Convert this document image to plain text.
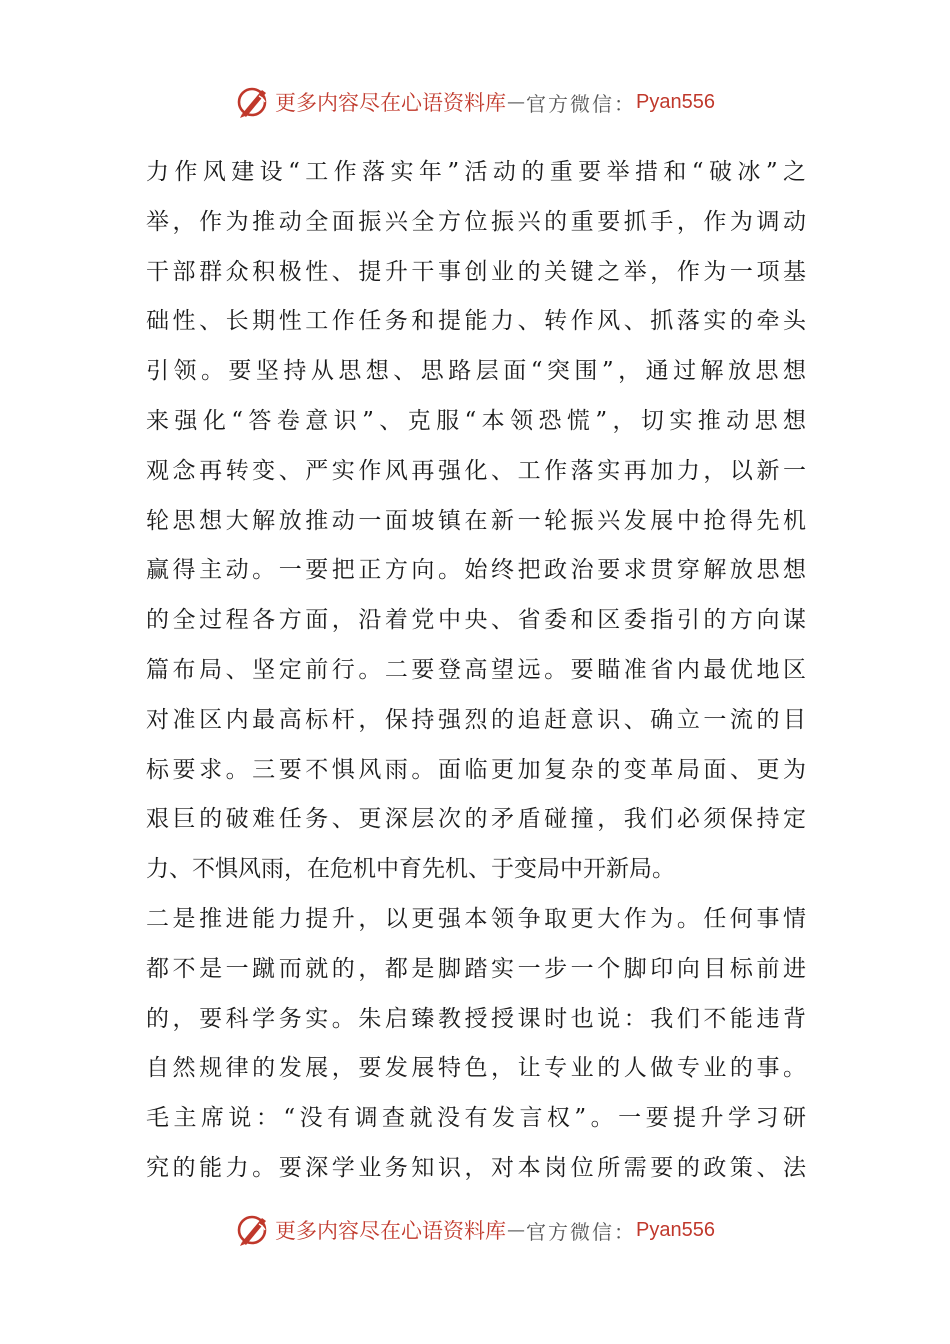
更多内容尽在心语资料库 — 官方微信： Pyan556
力作风建设“工作落实年”活动的重要举措和“破冰”之
举，作为推动全面振兴全方位振兴的重要抓手，作为调动
干部群众积极性、提升干事创业的关键之举，作为一项基
础性、长期性工作任务和提能力、转作风、抓落实的牵头
引领。要坚持从思想、思路层面“突围”，通过解放思想
来强化“答卷意识”、克服“本领恐慌”，切实推动思想
观念再转变、严实作风再强化、工作落实再加力，以新一
轮思想大解放推动一面坡镇在新一轮振兴发展中抢得先机
赢得主动。一要把正方向。始终把政治要求贯穿解放思想
的全过程各方面，沿着党中央、省委和区委指引的方向谋
篇布局、坚定前行。二要登高望远。要瞄准省内最优地区
对准区内最高标杆，保持强烈的追赶意识、确立一流的目
标要求。三要不惧风雨。面临更加复杂的变革局面、更为
艰巨的破难任务、更深层次的矛盾碰撞，我们必须保持定
力、不惧风雨，在危机中育先机、于变局中开新局。
二是推进能力提升，以更强本领争取更大作为。任何事情
都不是一蹴而就的，都是脚踏实一步一个脚印向目标前进
的，要科学务实。朱启臻教授授课时也说：我们不能违背
自然规律的发展，要发展特色，让专业的人做专业的事。
毛主席说：“没有调查就没有发言权”。一要提升学习研
究的能力。要深学业务知识，对本岗位所需要的政策、法
更多内容尽在心语资料库 — 官方微信： Pyan556
